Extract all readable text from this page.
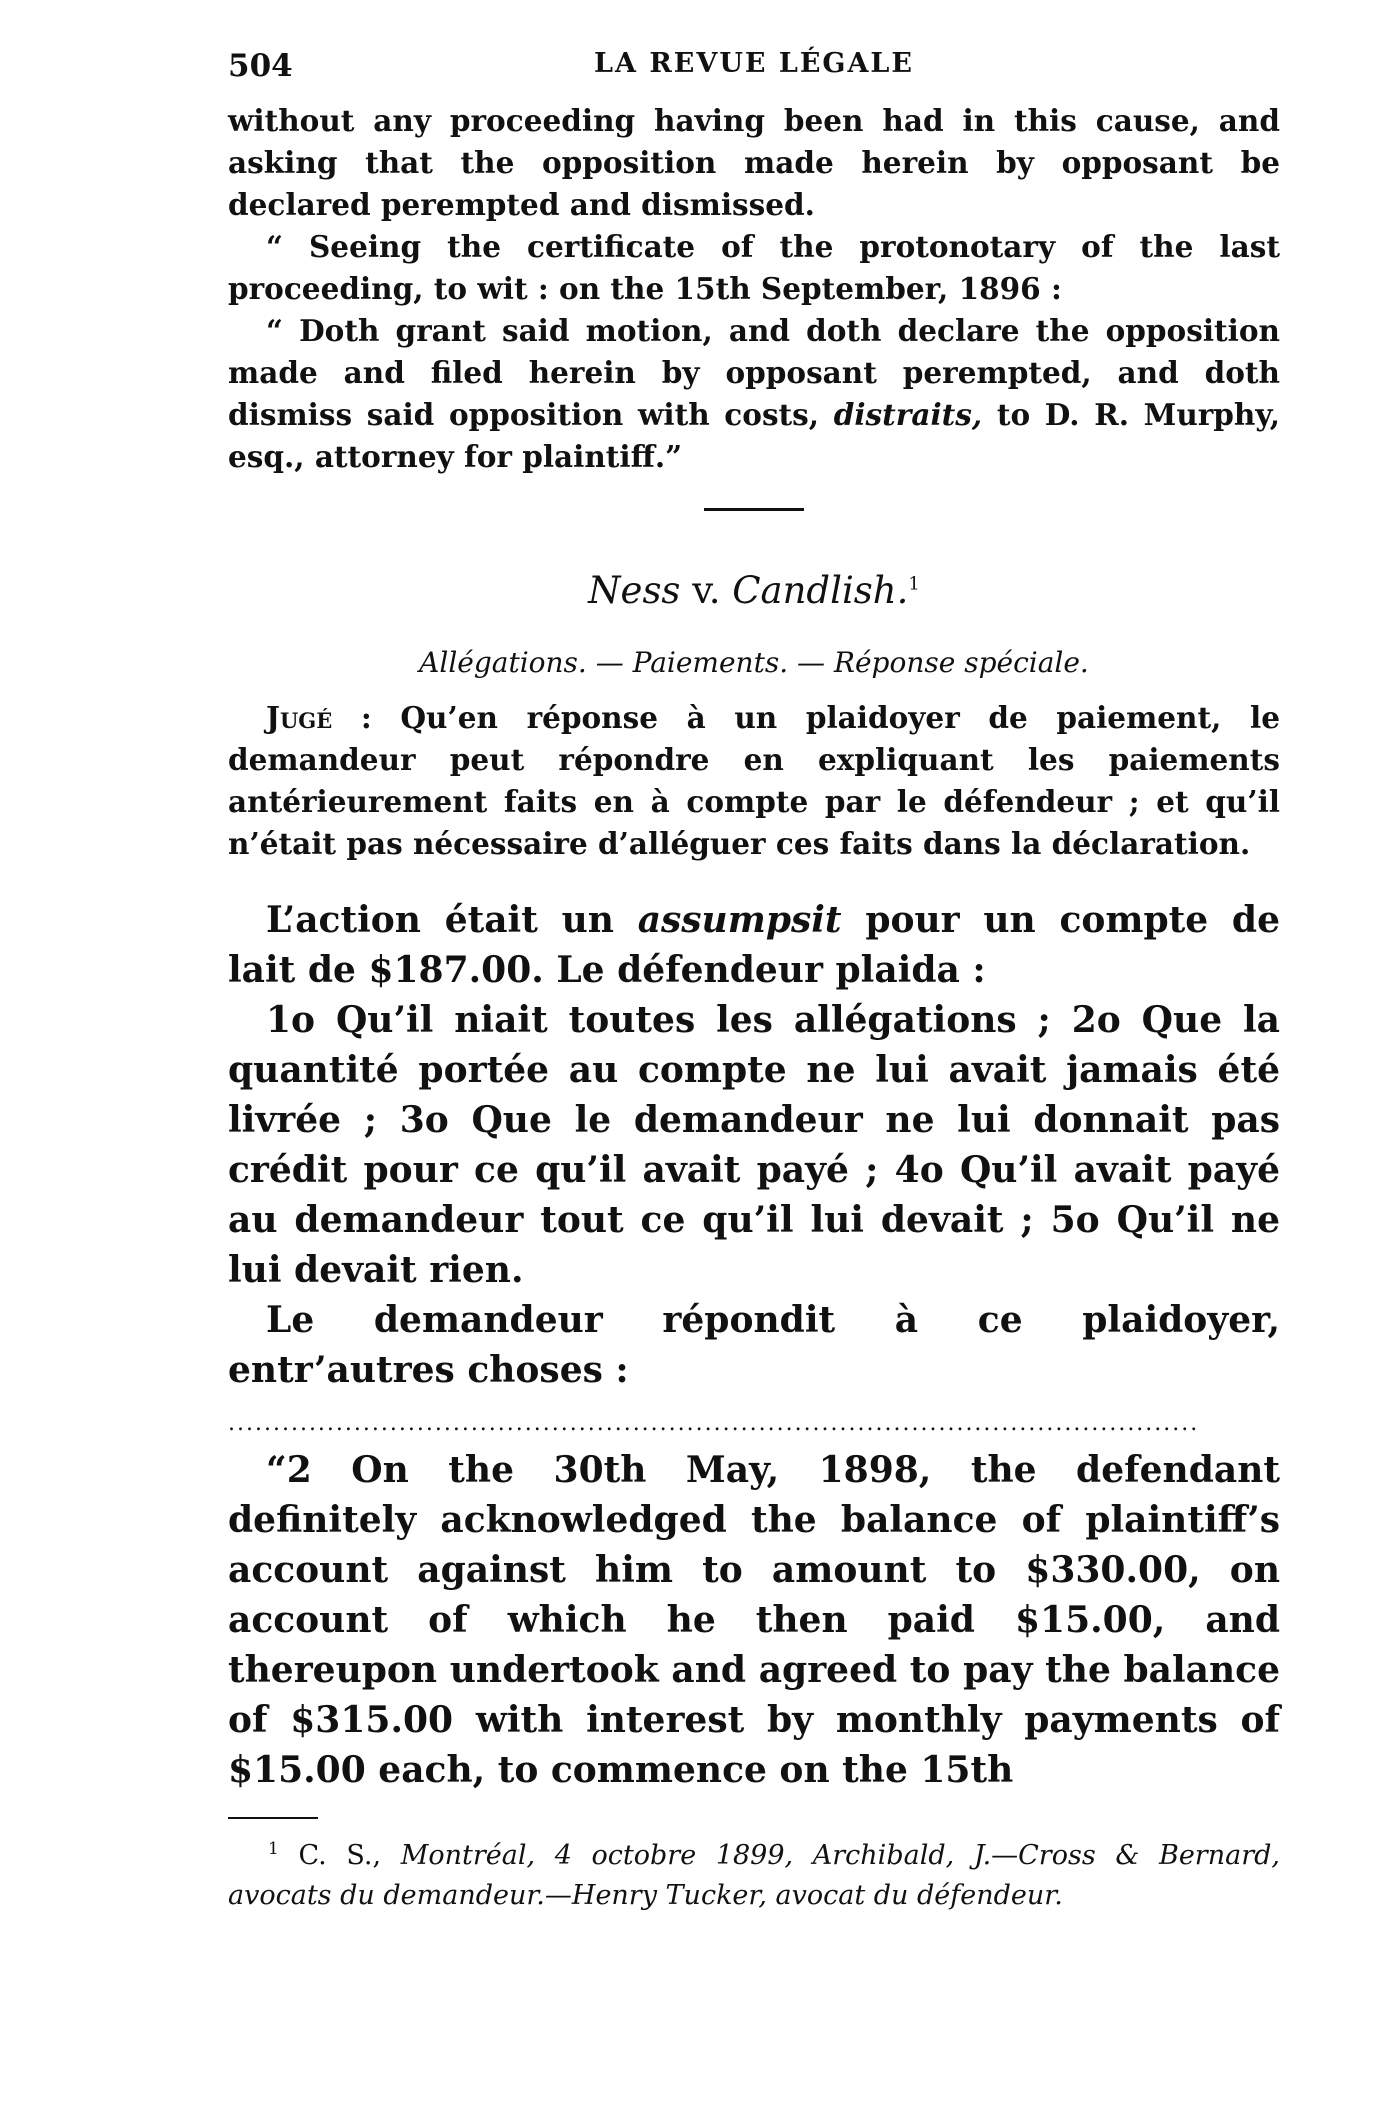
504	LA REVUE LÉGALE

without any proceeding having been had in this cause, and asking that the opposition made herein by opposant be declared perempted and dismissed.

“ Seeing the certificate of the protonotary of the last proceeding, to wit : on the 15th September, 1896 :

“ Doth grant said motion, and doth declare the opposition made and filed herein by opposant perempted, and doth dismiss said opposition with costs, distraits, to D. R. Murphy, esq., attorney for plaintiff.”

Ness v. Candlish.$^1$
Allégations. — Paiements. — Réponse spéciale.

Jugé : Qu’en réponse à un plaidoyer de paiement, le demandeur peut répondre en expliquant les paiements antérieurement faits en à compte par le défendeur ; et qu’il n’était pas nécessaire d’alléguer ces faits dans la déclaration.

L’action était un assumpsit pour un compte de lait de $187.00. Le défendeur plaida :

1o Qu’il niait toutes les allégations ; 2o Que la quantité portée au compte ne lui avait jamais été livrée ; 3o Que le demandeur ne lui donnait pas crédit pour ce qu’il avait payé ; 4o Qu’il avait payé au demandeur tout ce qu’il lui devait ; 5o Qu’il ne lui devait rien.

Le demandeur répondit à ce plaidoyer, entr’autres choses :

............................................................................................................

“2 On the 30th May, 1898, the defendant definitely acknowledged the balance of plaintiff’s account against him to amount to $330.00, on account of which he then paid $15.00, and thereupon undertook and agreed to pay the balance of $315.00 with interest by monthly payments of $15.00 each, to commence on the 15th

$^1$ C. S., Montréal, 4 octobre 1899, Archibald, J.—Cross & Bernard, avocats du demandeur.—Henry Tucker, avocat du défendeur.
